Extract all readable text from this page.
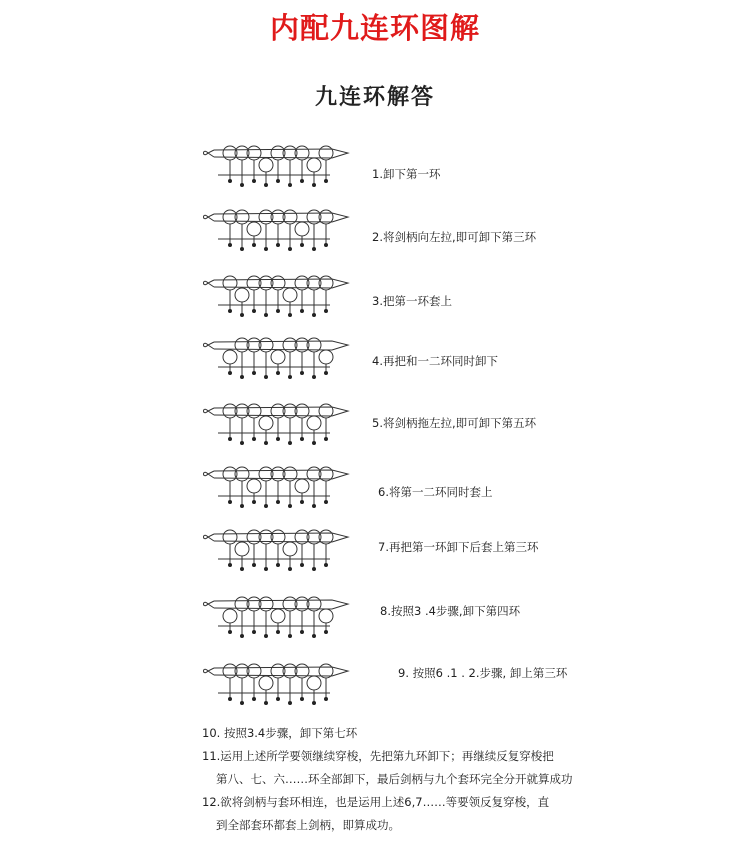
内配九连环图解
九连环解答
1.卸下第一环
2.将剑柄向左拉,即可卸下第三环
3.把第一环套上
4.再把和一二环同时卸下
5.将剑柄拖左拉,即可卸下第五环
6.将第一二环同时套上
7.再把第一环卸下后套上第三环
8.按照3 .4步骤,卸下第四环
9. 按照6 .1 . 2.步骤, 卸上第三环

10. 按照3.4步骤，卸下第七环

11.运用上述所学要领继续穿梭，先把第九环卸下；再继续反复穿梭把

第八、七、六……环全部卸下，最后剑柄与九个套环完全分开就算成功

12.欲将剑柄与套环相连，也是运用上述6,7……等要领反复穿梭，直

到全部套环都套上剑柄，即算成功。
